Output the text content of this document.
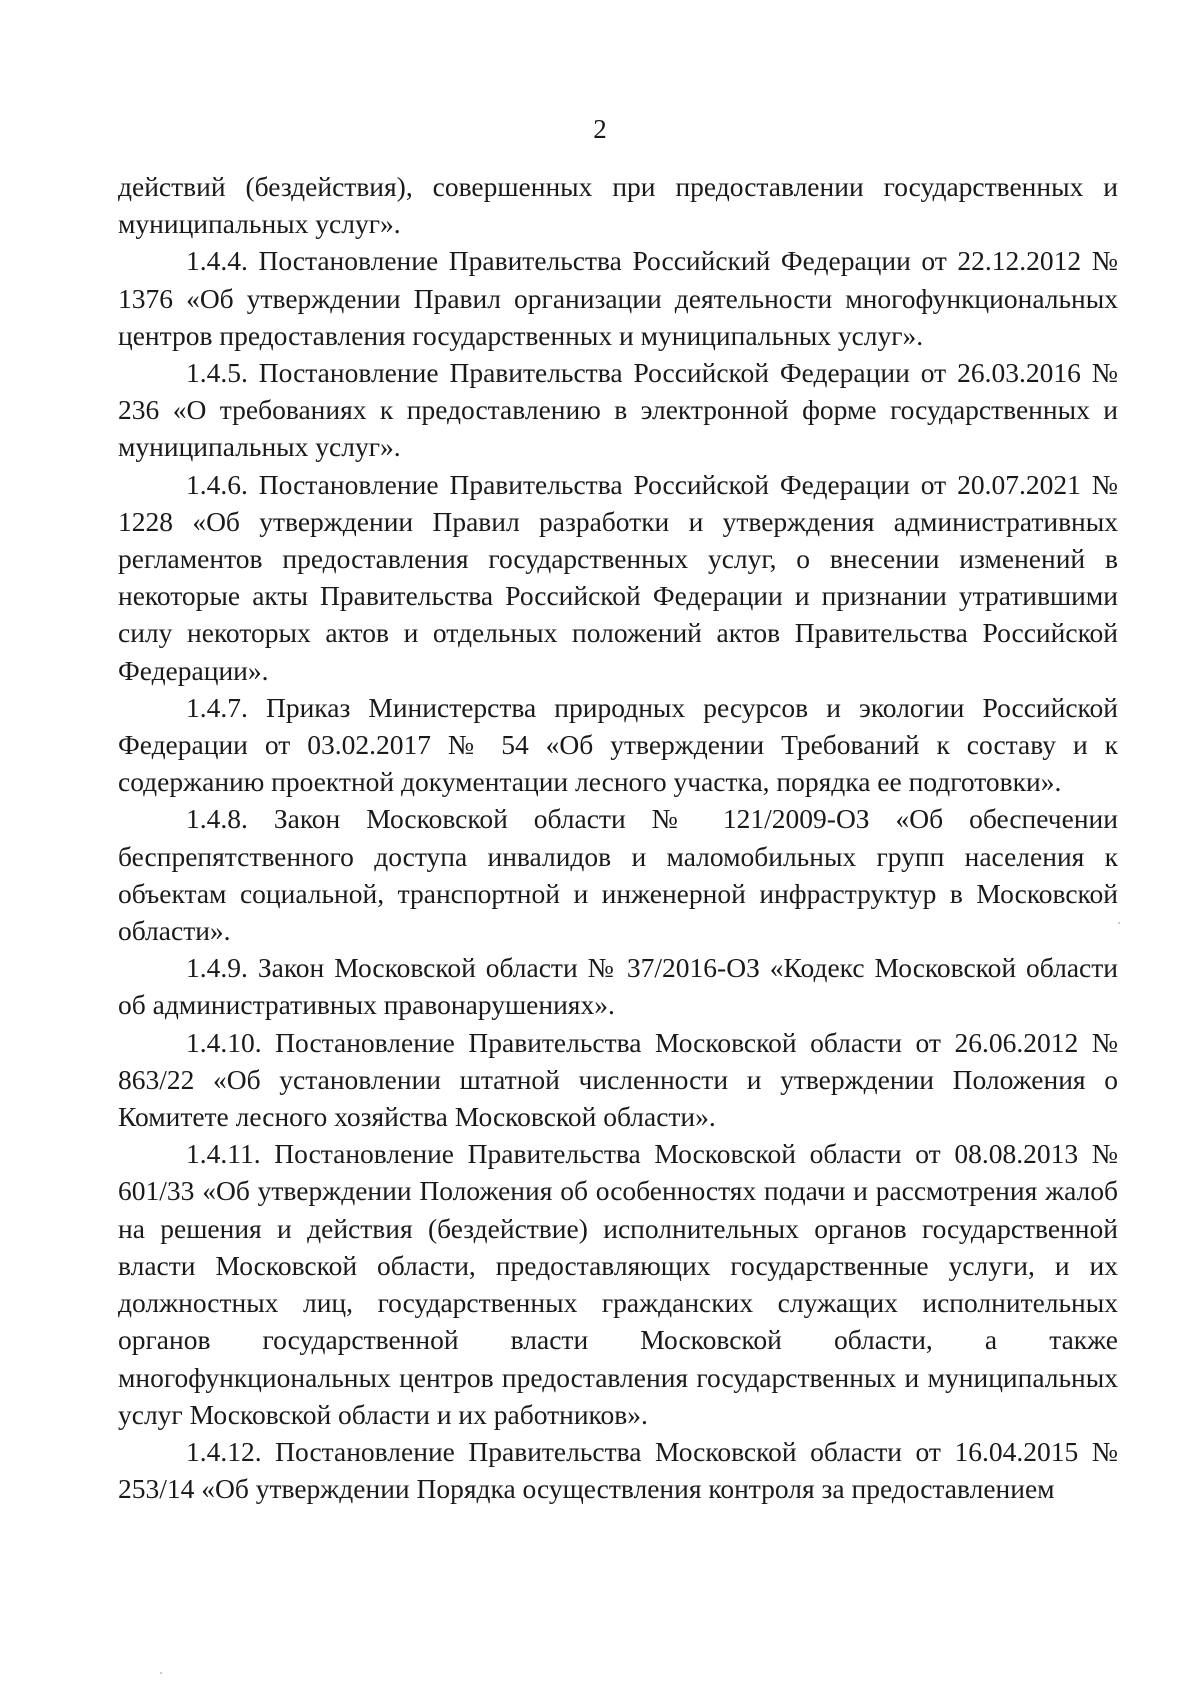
2

действий (бездействия), совершенных при предоставлении государственных и муниципальных услуг».

1.4.4. Постановление Правительства Российский Федерации от 22.12.2012 № 1376 «Об утверждении Правил организации деятельности многофункциональных центров предоставления государственных и муниципальных услуг».

1.4.5. Постановление Правительства Российской Федерации от 26.03.2016 № 236 «О требованиях к предоставлению в электронной форме государственных и муниципальных услуг».

1.4.6. Постановление Правительства Российской Федерации от 20.07.2021 № 1228 «Об утверждении Правил разработки и утверждения административных регламентов предоставления государственных услуг, о внесении изменений в некоторые акты Правительства Российской Федерации и признании утратившими силу некоторых актов и отдельных положений актов Правительства Российской Федерации».

1.4.7. Приказ Министерства природных ресурсов и экологии Российской Федерации от 03.02.2017 № 54 «Об утверждении Требований к составу и к содержанию проектной документации лесного участка, порядка ее подготовки».

1.4.8. Закон Московской области № 121/2009-ОЗ «Об обеспечении беспрепятственного доступа инвалидов и маломобильных групп населения к объектам социальной, транспортной и инженерной инфраструктур в Московской области».

1.4.9. Закон Московской области № 37/2016-ОЗ «Кодекс Московской области об административных правонарушениях».

1.4.10. Постановление Правительства Московской области от 26.06.2012 № 863/22 «Об установлении штатной численности и утверждении Положения о Комитете лесного хозяйства Московской области».

1.4.11. Постановление Правительства Московской области от 08.08.2013 № 601/33 «Об утверждении Положения об особенностях подачи и рассмотрения жалоб на решения и действия (бездействие) исполнительных органов государственной власти Московской области, предоставляющих государственные услуги, и их должностных лиц, государственных гражданских служащих исполнительных органов государственной власти Московской области, а также многофункциональных центров предоставления государственных и муниципальных услуг Московской области и их работников».

1.4.12. Постановление Правительства Московской области от 16.04.2015 № 253/14 «Об утверждении Порядка осуществления контроля за предоставлением
